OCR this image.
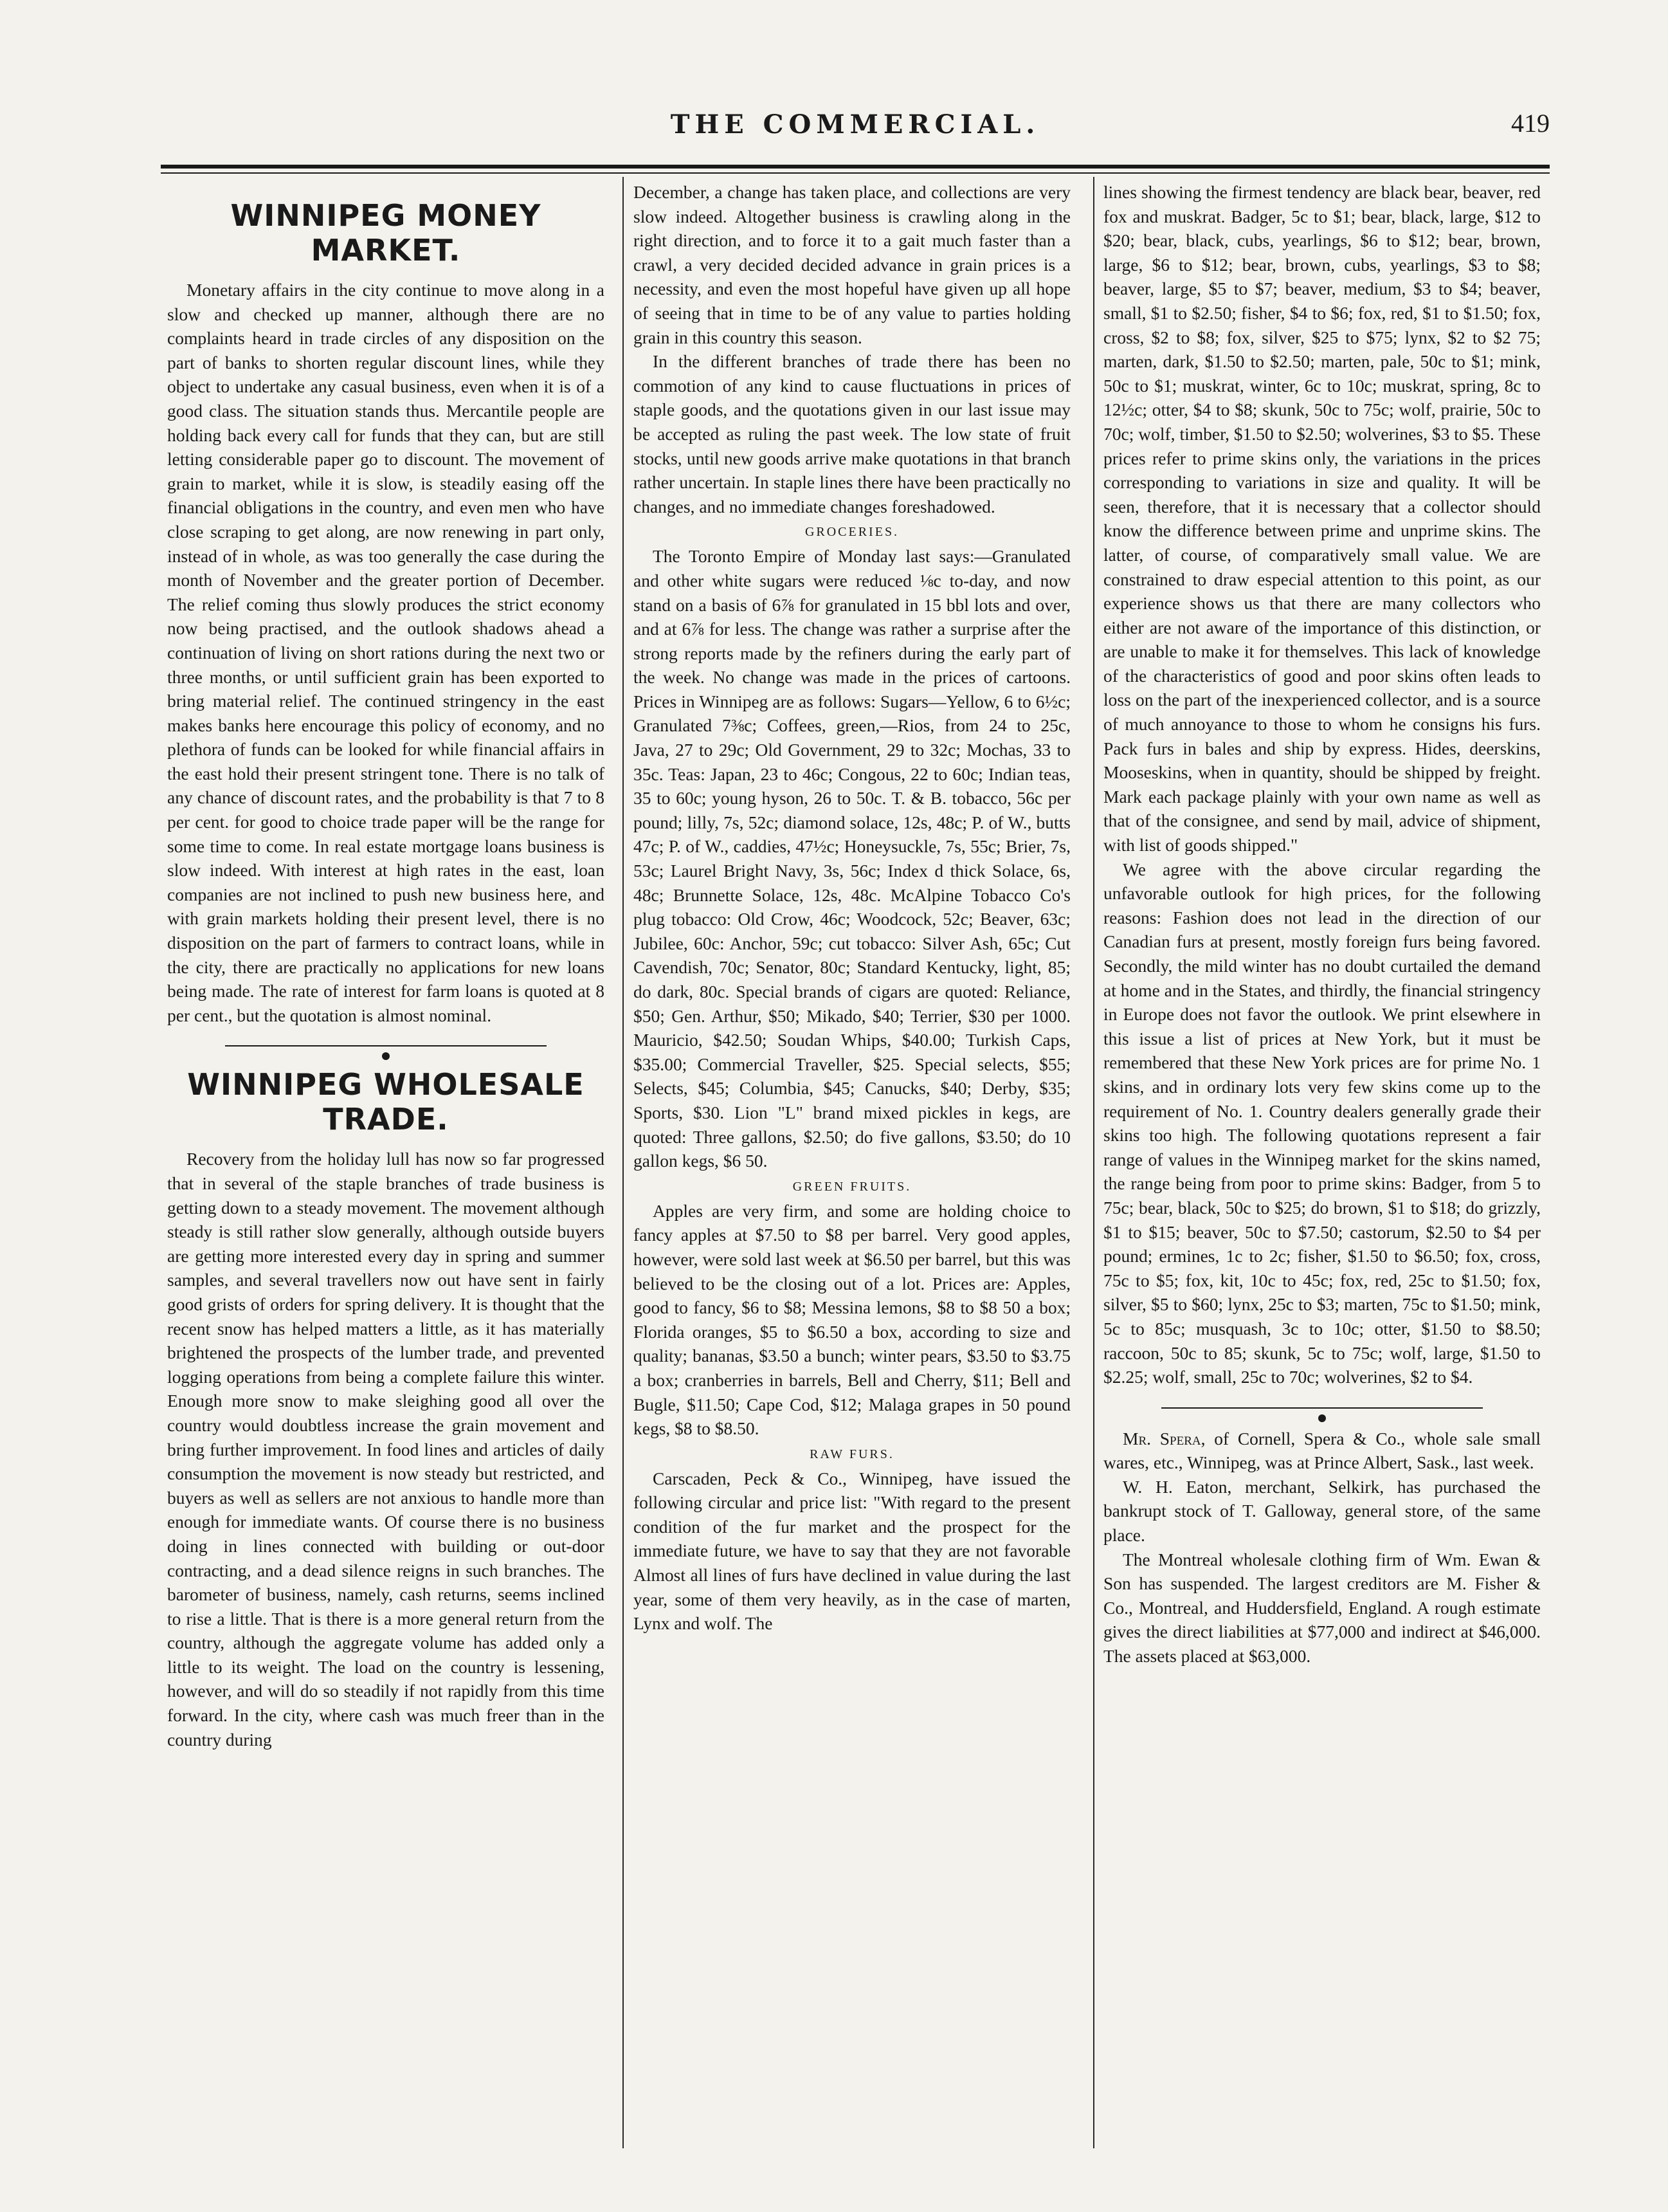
THE COMMERCIAL.	419
WINNIPEG MONEY MARKET.

Monetary affairs in the city continue to move along in a slow and checked up manner, although there are no complaints heard in trade circles of any disposition on the part of banks to shorten regular discount lines, while they object to undertake any casual business, even when it is of a good class. The situation stands thus. Mercantile people are holding back every call for funds that they can, but are still letting considerable paper go to discount. The movement of grain to market, while it is slow, is steadily easing off the financial obligations in the country, and even men who have close scraping to get along, are now renewing in part only, instead of in whole, as was too generally the case during the month of November and the greater portion of December. The relief coming thus slowly produces the strict economy now being practised, and the outlook shadows ahead a continuation of living on short rations during the next two or three months, or until sufficient grain has been exported to bring material relief. The continued stringency in the east makes banks here encourage this policy of economy, and no plethora of funds can be looked for while financial affairs in the east hold their present stringent tone. There is no talk of any chance of discount rates, and the probability is that 7 to 8 per cent. for good to choice trade paper will be the range for some time to come. In real estate mortgage loans business is slow indeed. With interest at high rates in the east, loan companies are not inclined to push new business here, and with grain markets holding their present level, there is no disposition on the part of farmers to contract loans, while in the city, there are practically no applications for new loans being made. The rate of interest for farm loans is quoted at 8 per cent., but the quotation is almost nominal.

WINNIPEG WHOLESALE TRADE.

Recovery from the holiday lull has now so far progressed that in several of the staple branches of trade business is getting down to a steady movement. The movement although steady is still rather slow generally, although outside buyers are getting more interested every day in spring and summer samples, and several travellers now out have sent in fairly good grists of orders for spring delivery. It is thought that the recent snow has helped matters a little, as it has materially brightened the prospects of the lumber trade, and prevented logging operations from being a complete failure this winter. Enough more snow to make sleighing good all over the country would doubtless increase the grain movement and bring further improvement. In food lines and articles of daily consumption the movement is now steady but restricted, and buyers as well as sellers are not anxious to handle more than enough for immediate wants. Of course there is no business doing in lines connected with building or out-door contracting, and a dead silence reigns in such branches. The barometer of business, namely, cash returns, seems inclined to rise a little. That is there is a more general return from the country, although the aggregate volume has added only a little to its weight. The load on the country is lessening, however, and will do so steadily if not rapidly from this time forward. In the city, where cash was much freer than in the country during

December, a change has taken place, and collections are very slow indeed. Altogether business is crawling along in the right direction, and to force it to a gait much faster than a crawl, a very decided decided advance in grain prices is a necessity, and even the most hopeful have given up all hope of seeing that in time to be of any value to parties holding grain in this country this season.

In the different branches of trade there has been no commotion of any kind to cause fluctuations in prices of staple goods, and the quotations given in our last issue may be accepted as ruling the past week. The low state of fruit stocks, until new goods arrive make quotations in that branch rather uncertain. In staple lines there have been practically no changes, and no immediate changes foreshadowed.

GROCERIES.

The Toronto Empire of Monday last says:—Granulated and other white sugars were reduced ⅛c to-day, and now stand on a basis of 6⅞ for granulated in 15 bbl lots and over, and at 6⅞ for less. The change was rather a surprise after the strong reports made by the refiners during the early part of the week. No change was made in the prices of cartoons. Prices in Winnipeg are as follows: Sugars—Yellow, 6 to 6½c; Granulated 7⅜c; Coffees, green,—Rios, from 24 to 25c, Java, 27 to 29c; Old Government, 29 to 32c; Mochas, 33 to 35c. Teas: Japan, 23 to 46c; Congous, 22 to 60c; Indian teas, 35 to 60c; young hyson, 26 to 50c. T. & B. tobacco, 56c per pound; lilly, 7s, 52c; diamond solace, 12s, 48c; P. of W., butts 47c; P. of W., caddies, 47½c; Honeysuckle, 7s, 55c; Brier, 7s, 53c; Laurel Bright Navy, 3s, 56c; Index d thick Solace, 6s, 48c; Brunnette Solace, 12s, 48c. McAlpine Tobacco Co's plug tobacco: Old Crow, 46c; Woodcock, 52c; Beaver, 63c; Jubilee, 60c: Anchor, 59c; cut tobacco: Silver Ash, 65c; Cut Cavendish, 70c; Senator, 80c; Standard Kentucky, light, 85; do dark, 80c. Special brands of cigars are quoted: Reliance, $50; Gen. Arthur, $50; Mikado, $40; Terrier, $30 per 1000. Mauricio, $42.50; Soudan Whips, $40.00; Turkish Caps, $35.00; Commercial Traveller, $25. Special selects, $55; Selects, $45; Columbia, $45; Canucks, $40; Derby, $35; Sports, $30. Lion "L" brand mixed pickles in kegs, are quoted: Three gallons, $2.50; do five gallons, $3.50; do 10 gallon kegs, $6 50.

GREEN FRUITS.

Apples are very firm, and some are holding choice to fancy apples at $7.50 to $8 per barrel. Very good apples, however, were sold last week at $6.50 per barrel, but this was believed to be the closing out of a lot. Prices are: Apples, good to fancy, $6 to $8; Messina lemons, $8 to $8 50 a box; Florida oranges, $5 to $6.50 a box, according to size and quality; bananas, $3.50 a bunch; winter pears, $3.50 to $3.75 a box; cranberries in barrels, Bell and Cherry, $11; Bell and Bugle, $11.50; Cape Cod, $12; Malaga grapes in 50 pound kegs, $8 to $8.50.

RAW FURS.

Carscaden, Peck & Co., Winnipeg, have issued the following circular and price list: "With regard to the present condition of the fur market and the prospect for the immediate future, we have to say that they are not favorable Almost all lines of furs have declined in value during the last year, some of them very heavily, as in the case of marten, Lynx and wolf. The

lines showing the firmest tendency are black bear, beaver, red fox and muskrat. Badger, 5c to $1; bear, black, large, $12 to $20; bear, black, cubs, yearlings, $6 to $12; bear, brown, large, $6 to $12; bear, brown, cubs, yearlings, $3 to $8; beaver, large, $5 to $7; beaver, medium, $3 to $4; beaver, small, $1 to $2.50; fisher, $4 to $6; fox, red, $1 to $1.50; fox, cross, $2 to $8; fox, silver, $25 to $75; lynx, $2 to $2 75; marten, dark, $1.50 to $2.50; marten, pale, 50c to $1; mink, 50c to $1; muskrat, winter, 6c to 10c; muskrat, spring, 8c to 12½c; otter, $4 to $8; skunk, 50c to 75c; wolf, prairie, 50c to 70c; wolf, timber, $1.50 to $2.50; wolverines, $3 to $5. These prices refer to prime skins only, the variations in the prices corresponding to variations in size and quality. It will be seen, therefore, that it is necessary that a collector should know the difference between prime and unprime skins. The latter, of course, of comparatively small value. We are constrained to draw especial attention to this point, as our experience shows us that there are many collectors who either are not aware of the importance of this distinction, or are unable to make it for themselves. This lack of knowledge of the characteristics of good and poor skins often leads to loss on the part of the inexperienced collector, and is a source of much annoyance to those to whom he consigns his furs. Pack furs in bales and ship by express. Hides, deerskins, Mooseskins, when in quantity, should be shipped by freight. Mark each package plainly with your own name as well as that of the consignee, and send by mail, advice of shipment, with list of goods shipped."

We agree with the above circular regarding the unfavorable outlook for high prices, for the following reasons: Fashion does not lead in the direction of our Canadian furs at present, mostly foreign furs being favored. Secondly, the mild winter has no doubt curtailed the demand at home and in the States, and thirdly, the financial stringency in Europe does not favor the outlook. We print elsewhere in this issue a list of prices at New York, but it must be remembered that these New York prices are for prime No. 1 skins, and in ordinary lots very few skins come up to the requirement of No. 1. Country dealers generally grade their skins too high. The following quotations represent a fair range of values in the Winnipeg market for the skins named, the range being from poor to prime skins: Badger, from 5 to 75c; bear, black, 50c to $25; do brown, $1 to $18; do grizzly, $1 to $15; beaver, 50c to $7.50; castorum, $2.50 to $4 per pound; ermines, 1c to 2c; fisher, $1.50 to $6.50; fox, cross, 75c to $5; fox, kit, 10c to 45c; fox, red, 25c to $1.50; fox, silver, $5 to $60; lynx, 25c to $3; marten, 75c to $1.50; mink, 5c to 85c; musquash, 3c to 10c; otter, $1.50 to $8.50; raccoon, 50c to 85; skunk, 5c to 75c; wolf, large, $1.50 to $2.25; wolf, small, 25c to 70c; wolverines, $2 to $4.

Mr. Spera, of Cornell, Spera & Co., whole sale small wares, etc., Winnipeg, was at Prince Albert, Sask., last week.

W. H. Eaton, merchant, Selkirk, has purchased the bankrupt stock of T. Galloway, general store, of the same place.

The Montreal wholesale clothing firm of Wm. Ewan & Son has suspended. The largest creditors are M. Fisher & Co., Montreal, and Huddersfield, England. A rough estimate gives the direct liabilities at $77,000 and indirect at $46,000. The assets placed at $63,000.
